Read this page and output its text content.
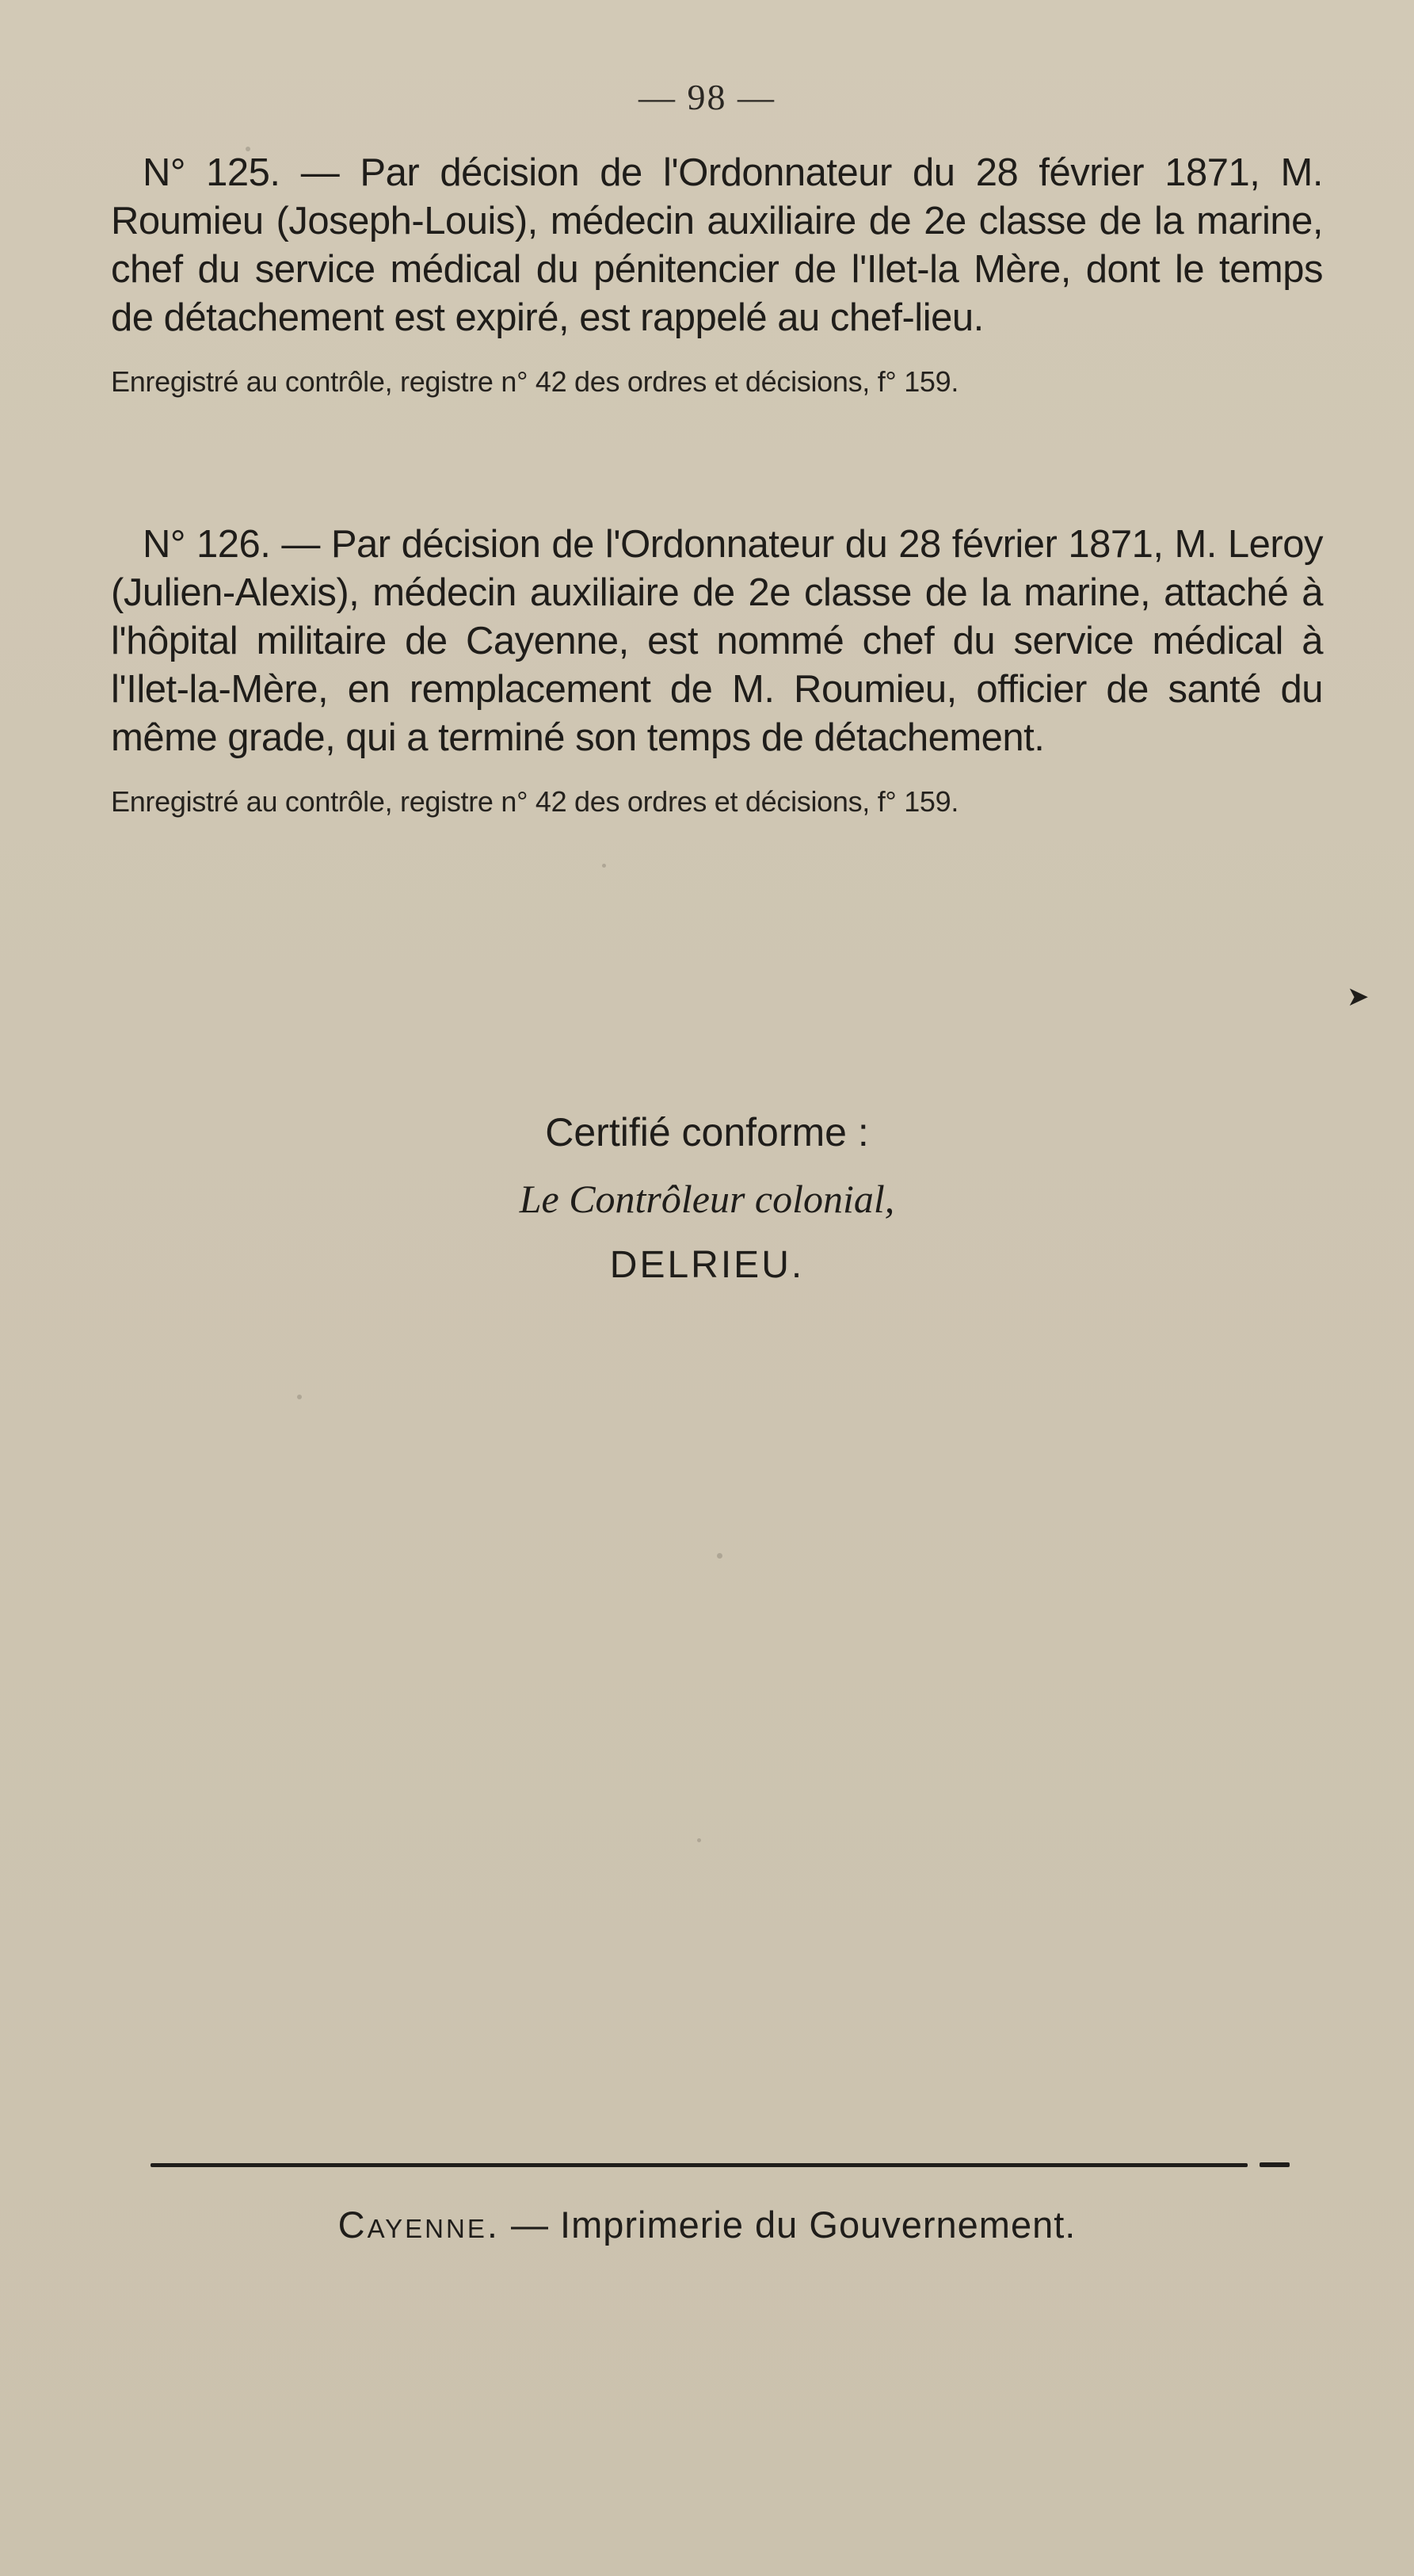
— 98 —

N° 125. — Par décision de l'Ordonnateur du 28 février 1871, M. Roumieu (Joseph-Louis), médecin auxiliaire de 2e classe de la marine, chef du service médical du pénitencier de l'Ilet-la Mère, dont le temps de détachement est expiré, est rappelé au chef-lieu.

Enregistré au contrôle, registre n° 42 des ordres et décisions, f° 159.

N° 126. — Par décision de l'Ordonnateur du 28 février 1871, M. Leroy (Julien-Alexis), médecin auxiliaire de 2e classe de la marine, attaché à l'hôpital militaire de Cayenne, est nommé chef du service médical à l'Ilet-la-Mère, en remplacement de M. Roumieu, officier de santé du même grade, qui a terminé son temps de détachement.

Enregistré au contrôle, registre n° 42 des ordres et décisions, f° 159.

➤
Certifié conforme :
Le Contrôleur colonial,
DELRIEU.
Cayenne. — Imprimerie du Gouvernement.
